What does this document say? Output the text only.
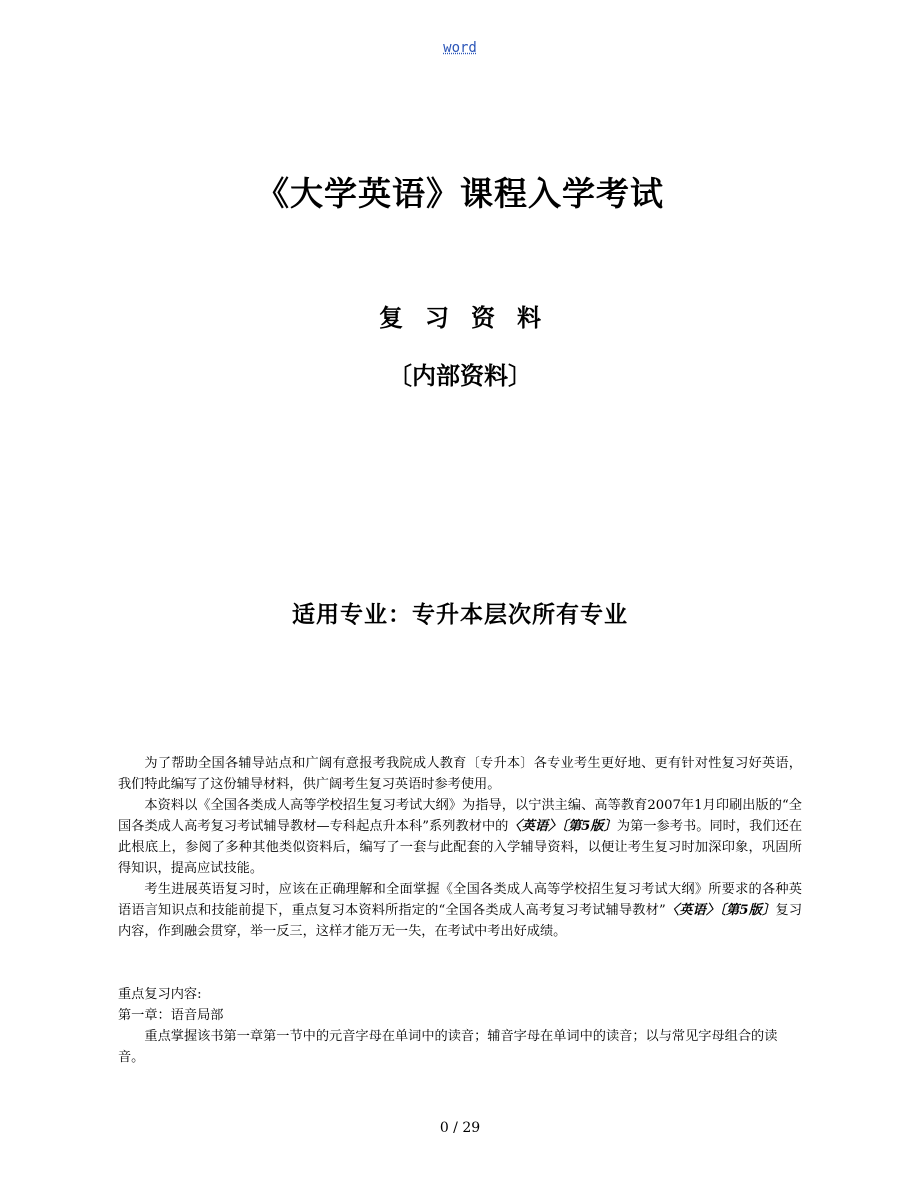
word
《大学英语》课程入学考试
复习资料
〔内部资料〕
适用专业：专升本层次所有专业

为了帮助全国各辅导站点和广阔有意报考我院成人教育〔专升本〕各专业考生更好地、更有针对性复习好英语，我们特此编写了这份辅导材料，供广阔考生复习英语时参考使用。

本资料以《全国各类成人高等学校招生复习考试大纲》为指导，以宁洪主编、高等教育2007年1月印刷出版的“全国各类成人高考复习考试辅导教材—专科起点升本科”系列教材中的〈英语〉〔第5版〕为第一参考书。同时，我们还在此根底上，参阅了多种其他类似资料后，编写了一套与此配套的入学辅导资料，以便让考生复习时加深印象，巩固所得知识，提高应试技能。

考生进展英语复习时，应该在正确理解和全面掌握《全国各类成人高等学校招生复习考试大纲》所要求的各种英语语言知识点和技能前提下，重点复习本资料所指定的“全国各类成人高考复习考试辅导教材”〈英语〉〔第5版〕复习内容，作到融会贯穿，举一反三，这样才能万无一失，在考试中考出好成绩。

重点复习内容:

第一章：语音局部

重点掌握该书第一章第一节中的元音字母在单词中的读音；辅音字母在单词中的读音；以与常见字母组合的读音。

0 / 29
